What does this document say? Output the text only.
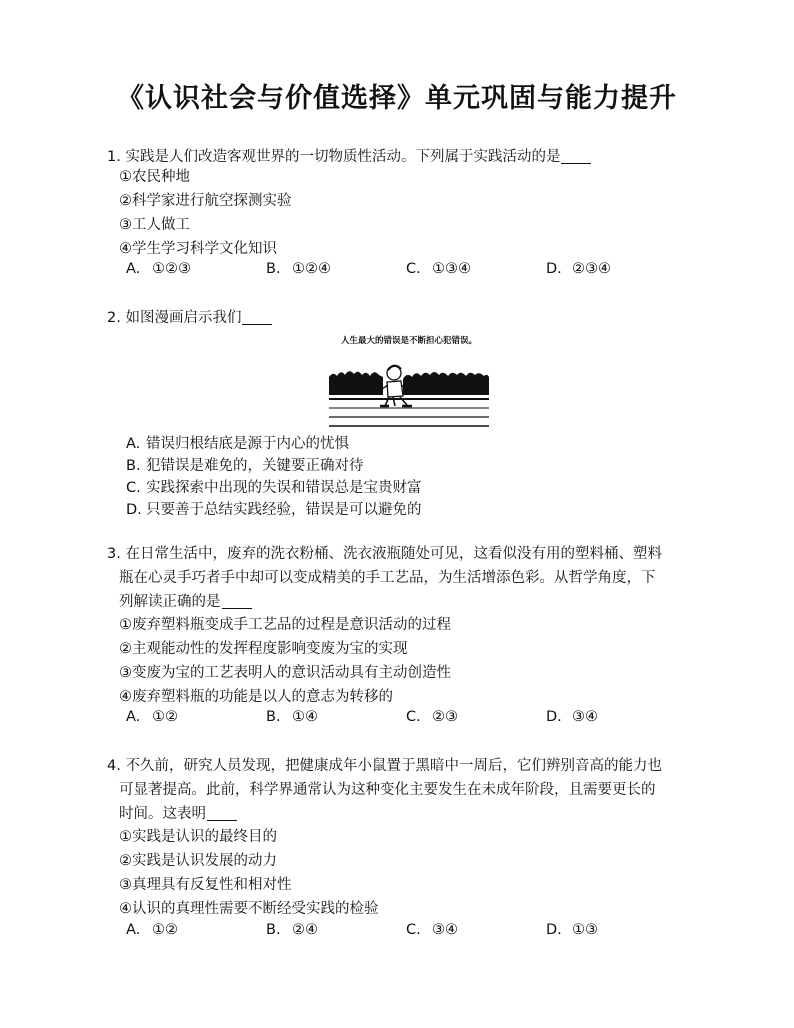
《认识社会与价值选择》单元巩固与能力提升
1. 实践是人们改造客观世界的一切物质性活动。下列属于实践活动的是
①农民种地
②科学家进行航空探测实验
③工人做工
④学生学习科学文化知识
A. ①②③	B. ①②④	C. ①③④	D. ②③④
2. 如图漫画启示我们
人生最大的错误是不断担心犯错误。
A. 错误归根结底是源于内心的忧惧
B. 犯错误是难免的，关键要正确对待
C. 实践探索中出现的失误和错误总是宝贵财富
D. 只要善于总结实践经验，错误是可以避免的
3. 在日常生活中，废弃的洗衣粉桶、洗衣液瓶随处可见，这看似没有用的塑料桶、塑料
瓶在心灵手巧者手中却可以变成精美的手工艺品，为生活增添色彩。从哲学角度，下
列解读正确的是
①废弃塑料瓶变成手工艺品的过程是意识活动的过程
②主观能动性的发挥程度影响变废为宝的实现
③变废为宝的工艺表明人的意识活动具有主动创造性
④废弃塑料瓶的功能是以人的意志为转移的
A. ①②	B. ①④	C. ②③	D. ③④
4. 不久前，研究人员发现，把健康成年小鼠置于黑暗中一周后，它们辨别音高的能力也
可显著提高。此前，科学界通常认为这种变化主要发生在未成年阶段，且需要更长的
时间。这表明
①实践是认识的最终目的
②实践是认识发展的动力
③真理具有反复性和相对性
④认识的真理性需要不断经受实践的检验
A. ①②	B. ②④	C. ③④	D. ①③
